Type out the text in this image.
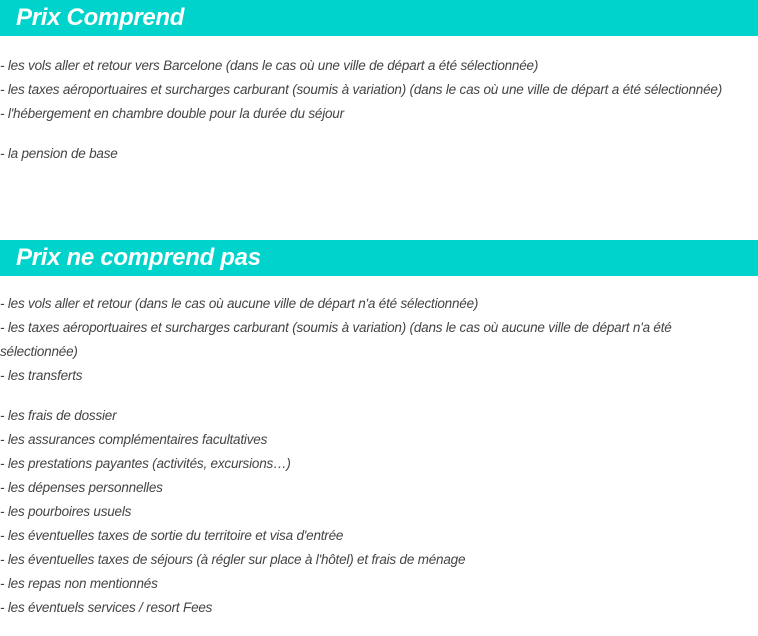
Prix Comprend
- les vols aller et retour vers Barcelone (dans le cas où une ville de départ a été sélectionnée)
- les taxes aéroportuaires et surcharges carburant (soumis à variation) (dans le cas où une ville de départ a été sélectionnée)
- l'hébergement en chambre double pour la durée du séjour
- la pension de base
Prix ne comprend pas
- les vols aller et retour (dans le cas où aucune ville de départ n'a été sélectionnée)
- les taxes aéroportuaires et surcharges carburant (soumis à variation) (dans le cas où aucune ville de départ n'a été sélectionnée)
- les transferts
- les frais de dossier
- les assurances complémentaires facultatives
- les prestations payantes (activités, excursions…)
- les dépenses personnelles
- les pourboires usuels
- les éventuelles taxes de sortie du territoire et visa d'entrée
- les éventuelles taxes de séjours (à régler sur place à l'hôtel) et frais de ménage
- les repas non mentionnés
- les éventuels services / resort Fees
